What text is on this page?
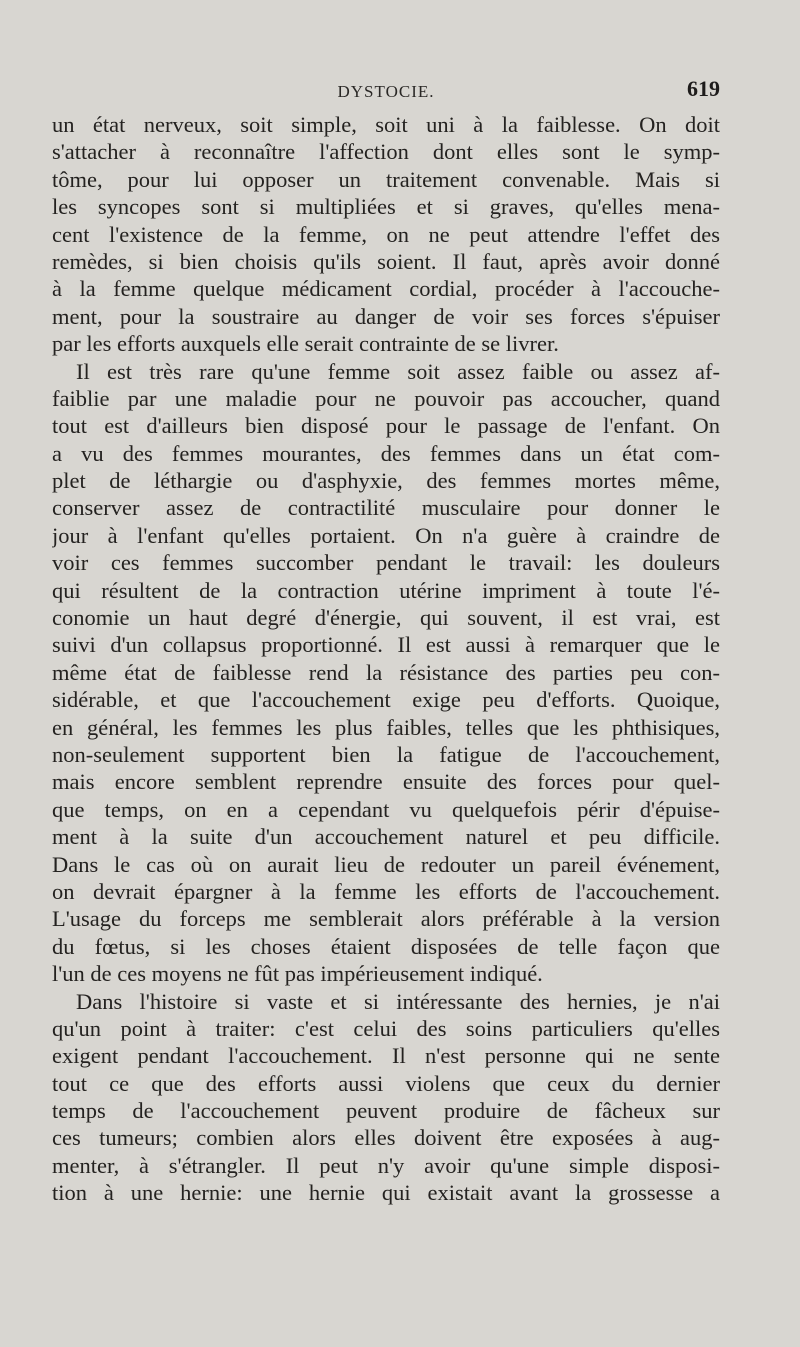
DYSTOCIE.	619
un état nerveux, soit simple, soit uni à la faiblesse. On doit
s'attacher à reconnaître l'affection dont elles sont le symp-
tôme, pour lui opposer un traitement convenable. Mais si
les syncopes sont si multipliées et si graves, qu'elles mena-
cent l'existence de la femme, on ne peut attendre l'effet des
remèdes, si bien choisis qu'ils soient. Il faut, après avoir donné
à la femme quelque médicament cordial, procéder à l'accouche-
ment, pour la soustraire au danger de voir ses forces s'épuiser
par les efforts auxquels elle serait contrainte de se livrer.
Il est très rare qu'une femme soit assez faible ou assez af-
faiblie par une maladie pour ne pouvoir pas accoucher, quand
tout est d'ailleurs bien disposé pour le passage de l'enfant. On
a vu des femmes mourantes, des femmes dans un état com-
plet de léthargie ou d'asphyxie, des femmes mortes même,
conserver assez de contractilité musculaire pour donner le
jour à l'enfant qu'elles portaient. On n'a guère à craindre de
voir ces femmes succomber pendant le travail: les douleurs
qui résultent de la contraction utérine impriment à toute l'é-
conomie un haut degré d'énergie, qui souvent, il est vrai, est
suivi d'un collapsus proportionné. Il est aussi à remarquer que le
même état de faiblesse rend la résistance des parties peu con-
sidérable, et que l'accouchement exige peu d'efforts. Quoique,
en général, les femmes les plus faibles, telles que les phthisiques,
non-seulement supportent bien la fatigue de l'accouchement,
mais encore semblent reprendre ensuite des forces pour quel-
que temps, on en a cependant vu quelquefois périr d'épuise-
ment à la suite d'un accouchement naturel et peu difficile.
Dans le cas où on aurait lieu de redouter un pareil événement,
on devrait épargner à la femme les efforts de l'accouchement.
L'usage du forceps me semblerait alors préférable à la version
du fœtus, si les choses étaient disposées de telle façon que
l'un de ces moyens ne fût pas impérieusement indiqué.
Dans l'histoire si vaste et si intéressante des hernies, je n'ai
qu'un point à traiter: c'est celui des soins particuliers qu'elles
exigent pendant l'accouchement. Il n'est personne qui ne sente
tout ce que des efforts aussi violens que ceux du dernier
temps de l'accouchement peuvent produire de fâcheux sur
ces tumeurs; combien alors elles doivent être exposées à aug-
menter, à s'étrangler. Il peut n'y avoir qu'une simple disposi-
tion à une hernie: une hernie qui existait avant la grossesse a
